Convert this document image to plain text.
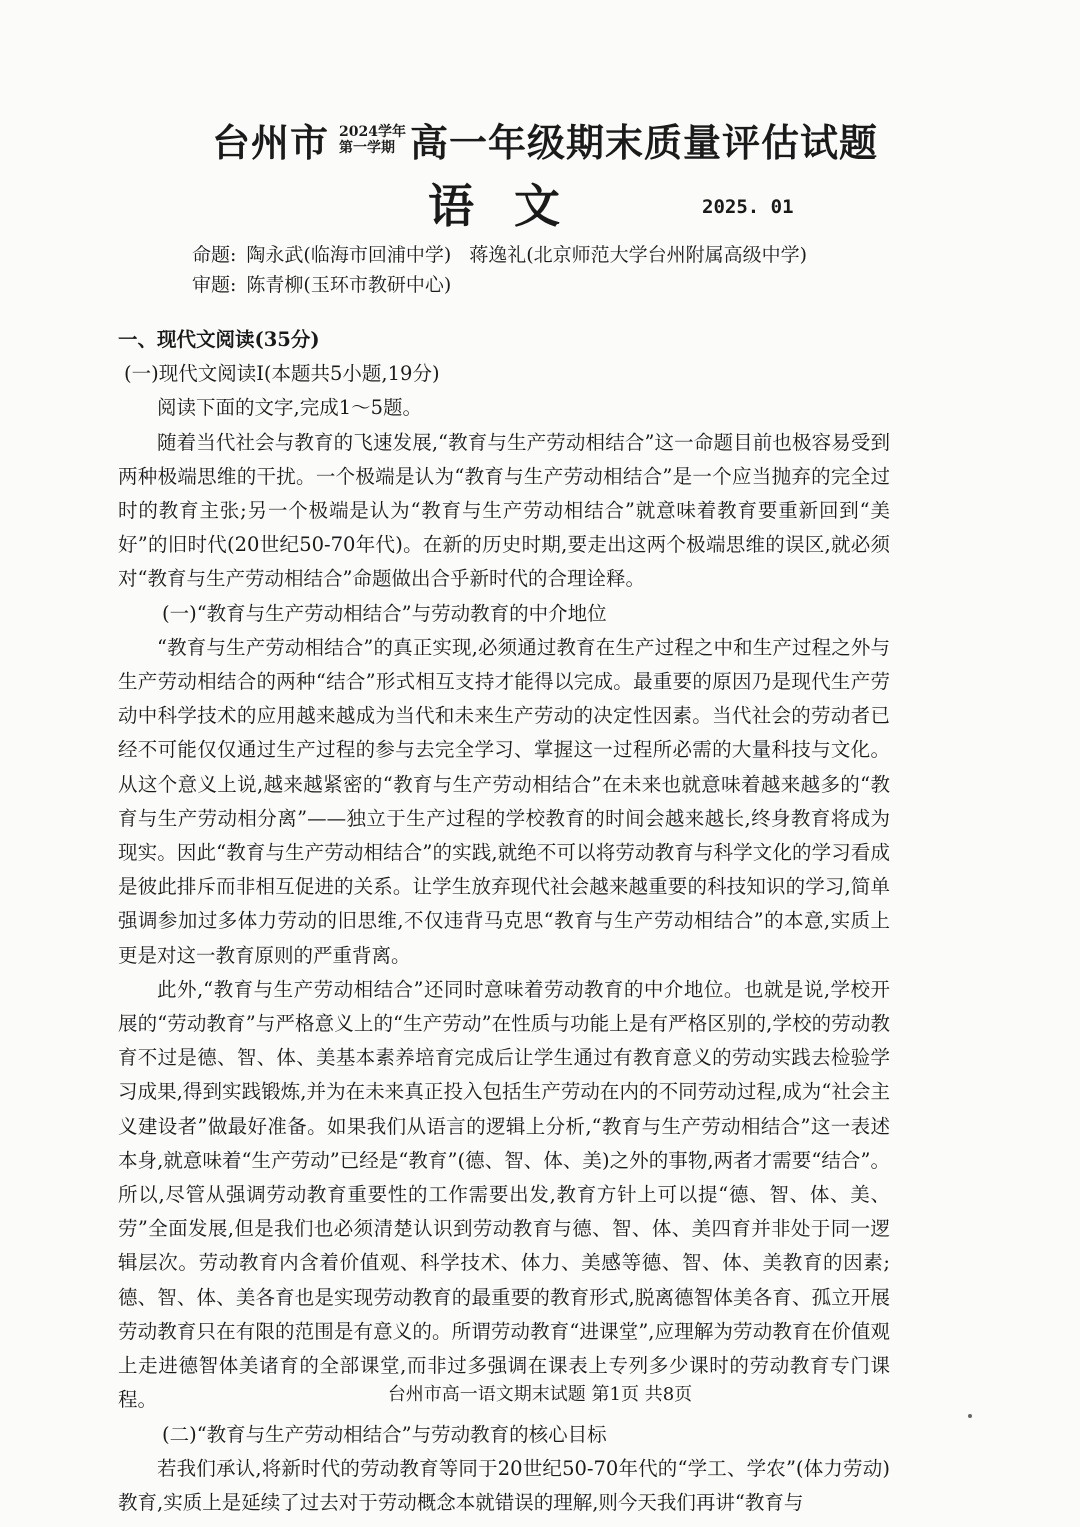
台州市 2024学年
第一学期 高一年级期末质量评估试题
语文	2025. 01
命题: 陶永武(临海市回浦中学) 蒋逸礼(北京师范大学台州附属高级中学)
审题: 陈青柳(玉环市教研中心)
一、现代文阅读(35分)
(一)现代文阅读Ⅰ(本题共5小题,19分)
阅读下面的文字,完成1～5题。
随着当代社会与教育的飞速发展,“教育与生产劳动相结合”这一命题目前也极容易受到两种极端思维的干扰。一个极端是认为“教育与生产劳动相结合”是一个应当抛弃的完全过时的教育主张;另一个极端是认为“教育与生产劳动相结合”就意味着教育要重新回到“美好”的旧时代(20世纪50-70年代)。在新的历史时期,要走出这两个极端思维的误区,就必须对“教育与生产劳动相结合”命题做出合乎新时代的合理诠释。
(一)“教育与生产劳动相结合”与劳动教育的中介地位
“教育与生产劳动相结合”的真正实现,必须通过教育在生产过程之中和生产过程之外与生产劳动相结合的两种“结合”形式相互支持才能得以完成。最重要的原因乃是现代生产劳动中科学技术的应用越来越成为当代和未来生产劳动的决定性因素。当代社会的劳动者已经不可能仅仅通过生产过程的参与去完全学习、掌握这一过程所必需的大量科技与文化。从这个意义上说,越来越紧密的“教育与生产劳动相结合”在未来也就意味着越来越多的“教育与生产劳动相分离”——独立于生产过程的学校教育的时间会越来越长,终身教育将成为现实。因此“教育与生产劳动相结合”的实践,就绝不可以将劳动教育与科学文化的学习看成是彼此排斥而非相互促进的关系。让学生放弃现代社会越来越重要的科技知识的学习,简单强调参加过多体力劳动的旧思维,不仅违背马克思“教育与生产劳动相结合”的本意,实质上更是对这一教育原则的严重背离。
此外,“教育与生产劳动相结合”还同时意味着劳动教育的中介地位。也就是说,学校开展的“劳动教育”与严格意义上的“生产劳动”在性质与功能上是有严格区别的,学校的劳动教育不过是德、智、体、美基本素养培育完成后让学生通过有教育意义的劳动实践去检验学习成果,得到实践锻炼,并为在未来真正投入包括生产劳动在内的不同劳动过程,成为“社会主义建设者”做最好准备。如果我们从语言的逻辑上分析,“教育与生产劳动相结合”这一表述本身,就意味着“生产劳动”已经是“教育”(德、智、体、美)之外的事物,两者才需要“结合”。所以,尽管从强调劳动教育重要性的工作需要出发,教育方针上可以提“德、智、体、美、劳”全面发展,但是我们也必须清楚认识到劳动教育与德、智、体、美四育并非处于同一逻辑层次。劳动教育内含着价值观、科学技术、体力、美感等德、智、体、美教育的因素;德、智、体、美各育也是实现劳动教育的最重要的教育形式,脱离德智体美各育、孤立开展劳动教育只在有限的范围是有意义的。所谓劳动教育“进课堂”,应理解为劳动教育在价值观上走进德智体美诸育的全部课堂,而非过多强调在课表上专列多少课时的劳动教育专门课程。
(二)“教育与生产劳动相结合”与劳动教育的核心目标
若我们承认,将新时代的劳动教育等同于20世纪50-70年代的“学工、学农”(体力劳动)教育,实质上是延续了过去对于劳动概念本就错误的理解,则今天我们再讲“教育与
台州市高一语文期末试题 第1页 共8页
